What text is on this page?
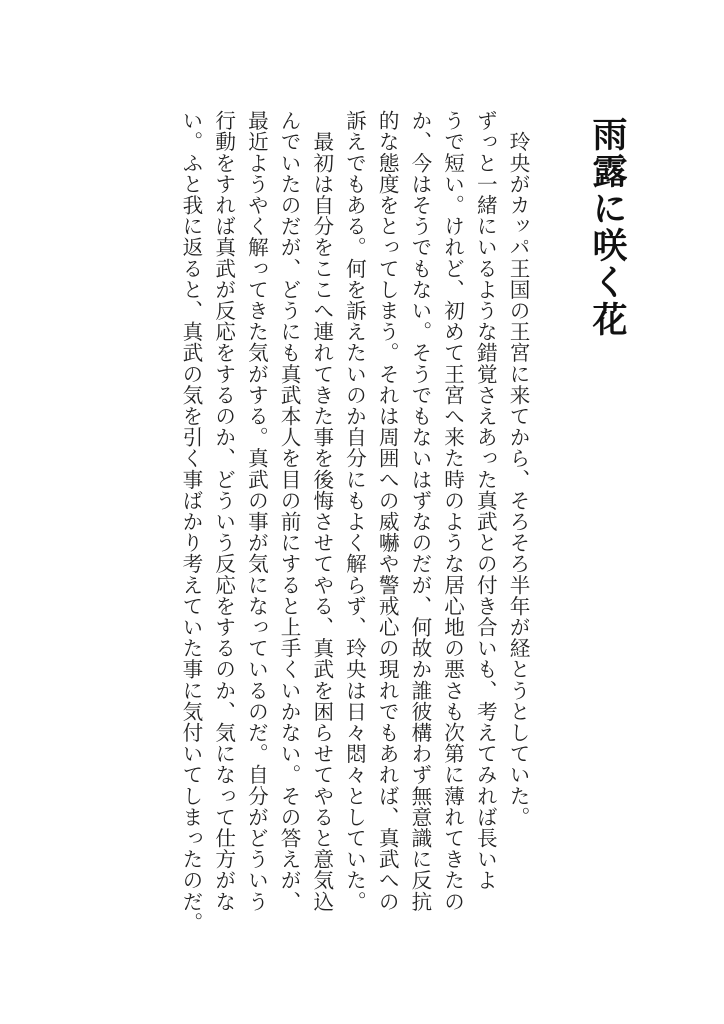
雨露に咲く花

　玲央がカッパ王国の王宮に来てから、そろそろ半年が経とうとしていた。
ずっと一緒にいるような錯覚さえあった真武との付き合いも、考えてみれば長いよ
うで短い。けれど、初めて王宮へ来た時のような居心地の悪さも次第に薄れてきたの
か、今はそうでもない。そうでもないはずなのだが、何故か誰彼構わず無意識に反抗
的な態度をとってしまう。それは周囲への威嚇や警戒心の現れでもあれば、真武への
訴えでもある。何を訴えたいのか自分にもよく解らず、玲央は日々悶々としていた。

　最初は自分をここへ連れてきた事を後悔させてやる、真武を困らせてやると意気込
んでいたのだが、どうにも真武本人を目の前にすると上手くいかない。その答えが、
最近ようやく解ってきた気がする。真武の事が気になっているのだ。自分がどういう
行動をすれば真武が反応をするのか、どういう反応をするのか、気になって仕方がな
い。ふと我に返ると、真武の気を引く事ばかり考えていた事に気付いてしまったのだ。
